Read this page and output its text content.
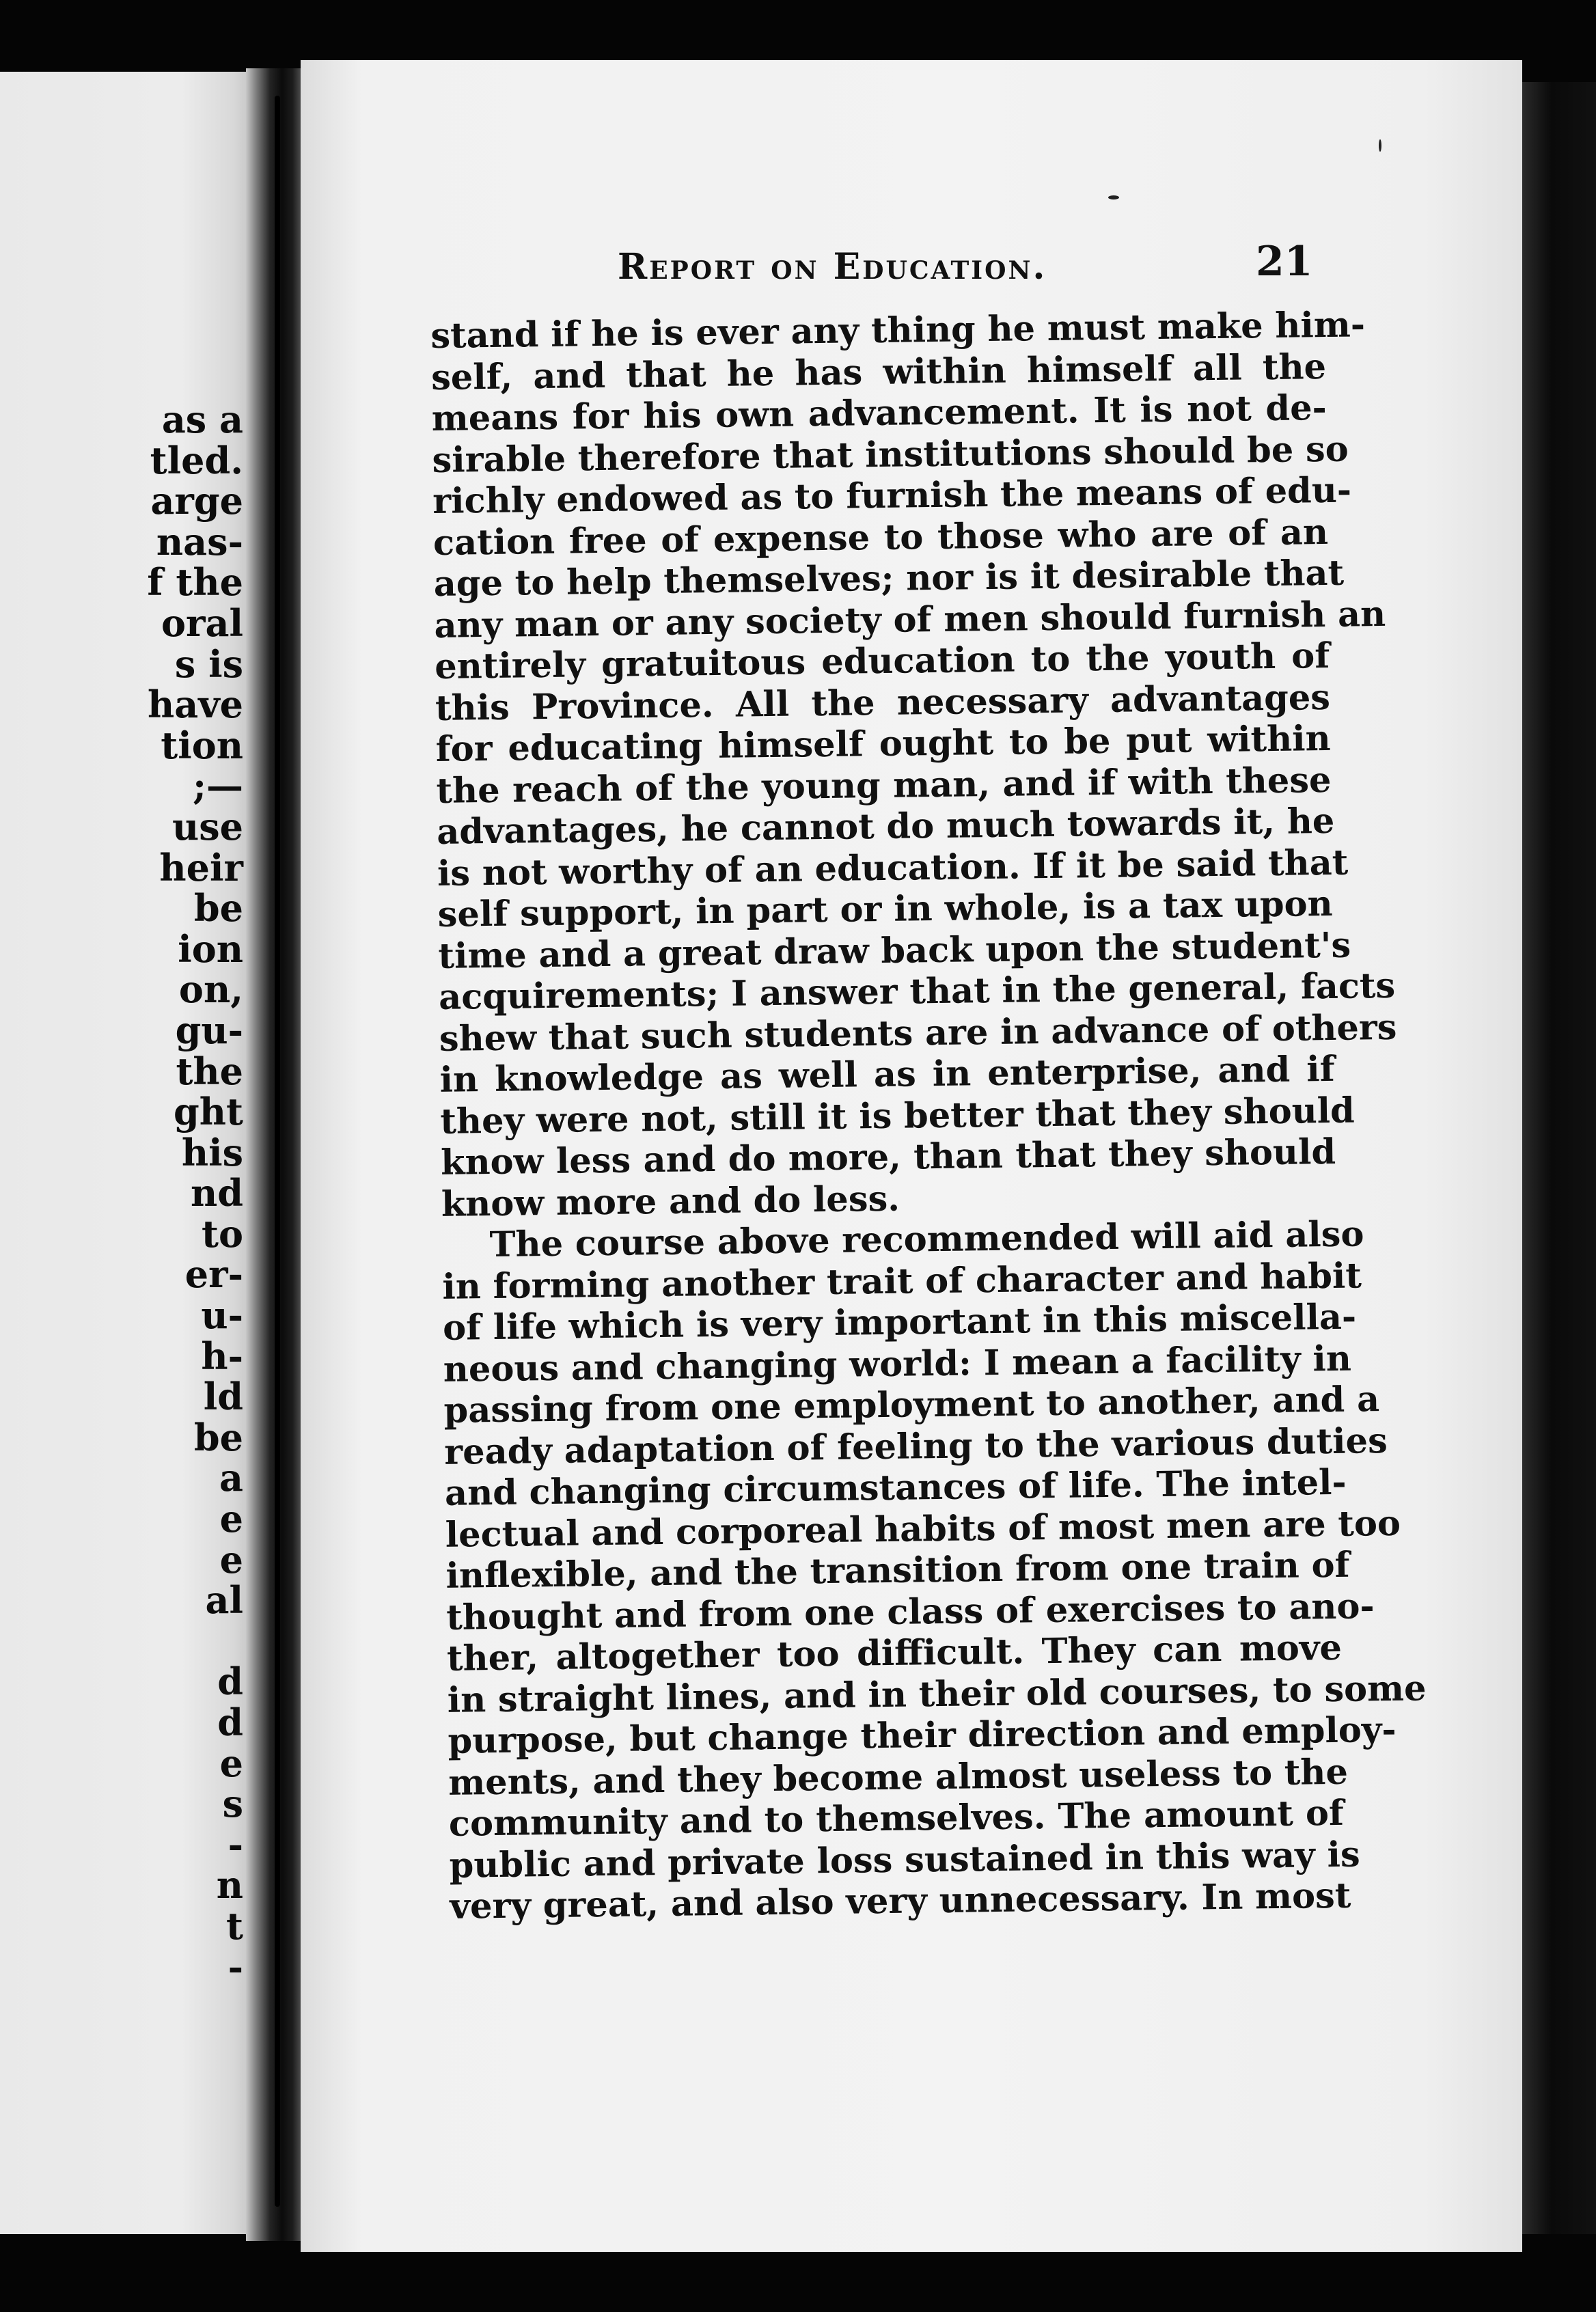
as a
tled.
arge
nas-
f the
oral
s is
have
tion
;—
use
heir
be
ion
on,
gu-
the
ght
his
nd
to
er-
u-
h-
ld
be
a
e
e
al
d
d
e
s
-
n
t
-
Report on Education.	21
stand if he is ever any thing he must make him-
self, and that he has within himself all the
means for his own advancement. It is not de-
sirable therefore that institutions should be so
richly endowed as to furnish the means of edu-
cation free of expense to those who are of an
age to help themselves; nor is it desirable that
any man or any society of men should furnish an
entirely gratuitous education to the youth of
this Province. All the necessary advantages
for educating himself ought to be put within
the reach of the young man, and if with these
advantages, he cannot do much towards it, he
is not worthy of an education. If it be said that
self support, in part or in whole, is a tax upon
time and a great draw back upon the student's
acquirements; I answer that in the general, facts
shew that such students are in advance of others
in knowledge as well as in enterprise, and if
they were not, still it is better that they should
know less and do more, than that they should
know more and do less.
The course above recommended will aid also
in forming another trait of character and habit
of life which is very important in this miscella-
neous and changing world: I mean a facility in
passing from one employment to another, and a
ready adaptation of feeling to the various duties
and changing circumstances of life. The intel-
lectual and corporeal habits of most men are too
inflexible, and the transition from one train of
thought and from one class of exercises to ano-
ther, altogether too difficult. They can move
in straight lines, and in their old courses, to some
purpose, but change their direction and employ-
ments, and they become almost useless to the
community and to themselves. The amount of
public and private loss sustained in this way is
very great, and also very unnecessary. In most
